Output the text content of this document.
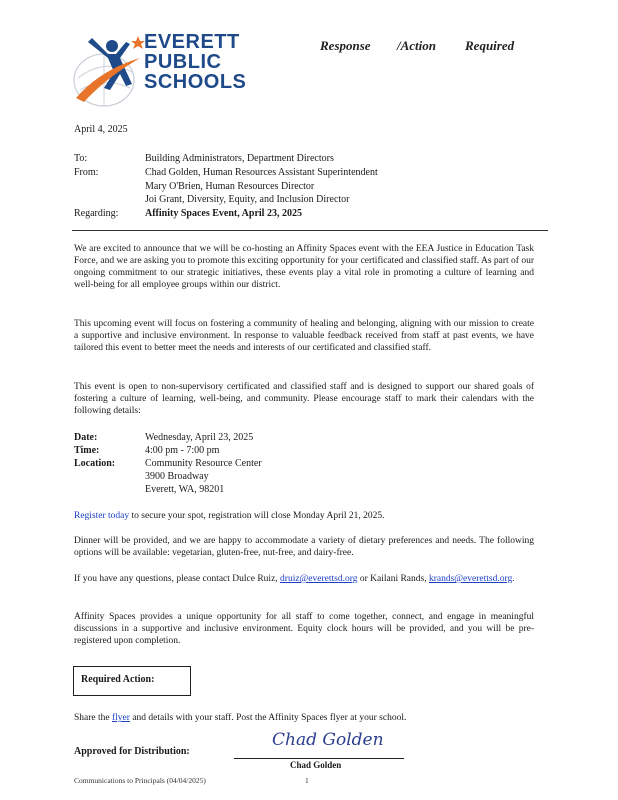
EVERETT
PUBLIC
SCHOOLS
Response /Action Required
April 4, 2025
To:	Building Administrators, Department Directors
From:	Chad Golden, Human Resources Assistant Superintendent
Mary O'Brien, Human Resources Director
Joi Grant, Diversity, Equity, and Inclusion Director
Regarding:	Affinity Spaces Event, April 23, 2025
We are excited to announce that we will be co-hosting an Affinity Spaces event with the EEA Justice in Education Task Force, and we are asking you to promote this exciting opportunity for your certificated and classified staff. As part of our ongoing commitment to our strategic initiatives, these events play a vital role in promoting a culture of learning and well-being for all employee groups within our district.
This upcoming event will focus on fostering a community of healing and belonging, aligning with our mission to create a supportive and inclusive environment. In response to valuable feedback received from staff at past events, we have tailored this event to better meet the needs and interests of our certificated and classified staff.
This event is open to non-supervisory certificated and classified staff and is designed to support our shared goals of fostering a culture of learning, well-being, and community. Please encourage staff to mark their calendars with the following details:
Date:	Wednesday, April 23, 2025
Time:	4:00 pm - 7:00 pm
Location:	Community Resource Center
3900 Broadway
Everett, WA, 98201
Register today to secure your spot, registration will close Monday April 21, 2025.
Dinner will be provided, and we are happy to accommodate a variety of dietary preferences and needs. The following options will be available: vegetarian, gluten-free, nut-free, and dairy-free.
If you have any questions, please contact Dulce Ruiz, druiz@everettsd.org or Kailani Rands, krands@everettsd.org.
Affinity Spaces provides a unique opportunity for all staff to come together, connect, and engage in meaningful discussions in a supportive and inclusive environment. Equity clock hours will be provided, and you will be pre-registered upon completion.
Required Action:
Share the flyer and details with your staff. Post the Affinity Spaces flyer at your school.
Approved for Distribution:
Chad Golden
Chad Golden
Communications to Principals (04/04/2025)	1
